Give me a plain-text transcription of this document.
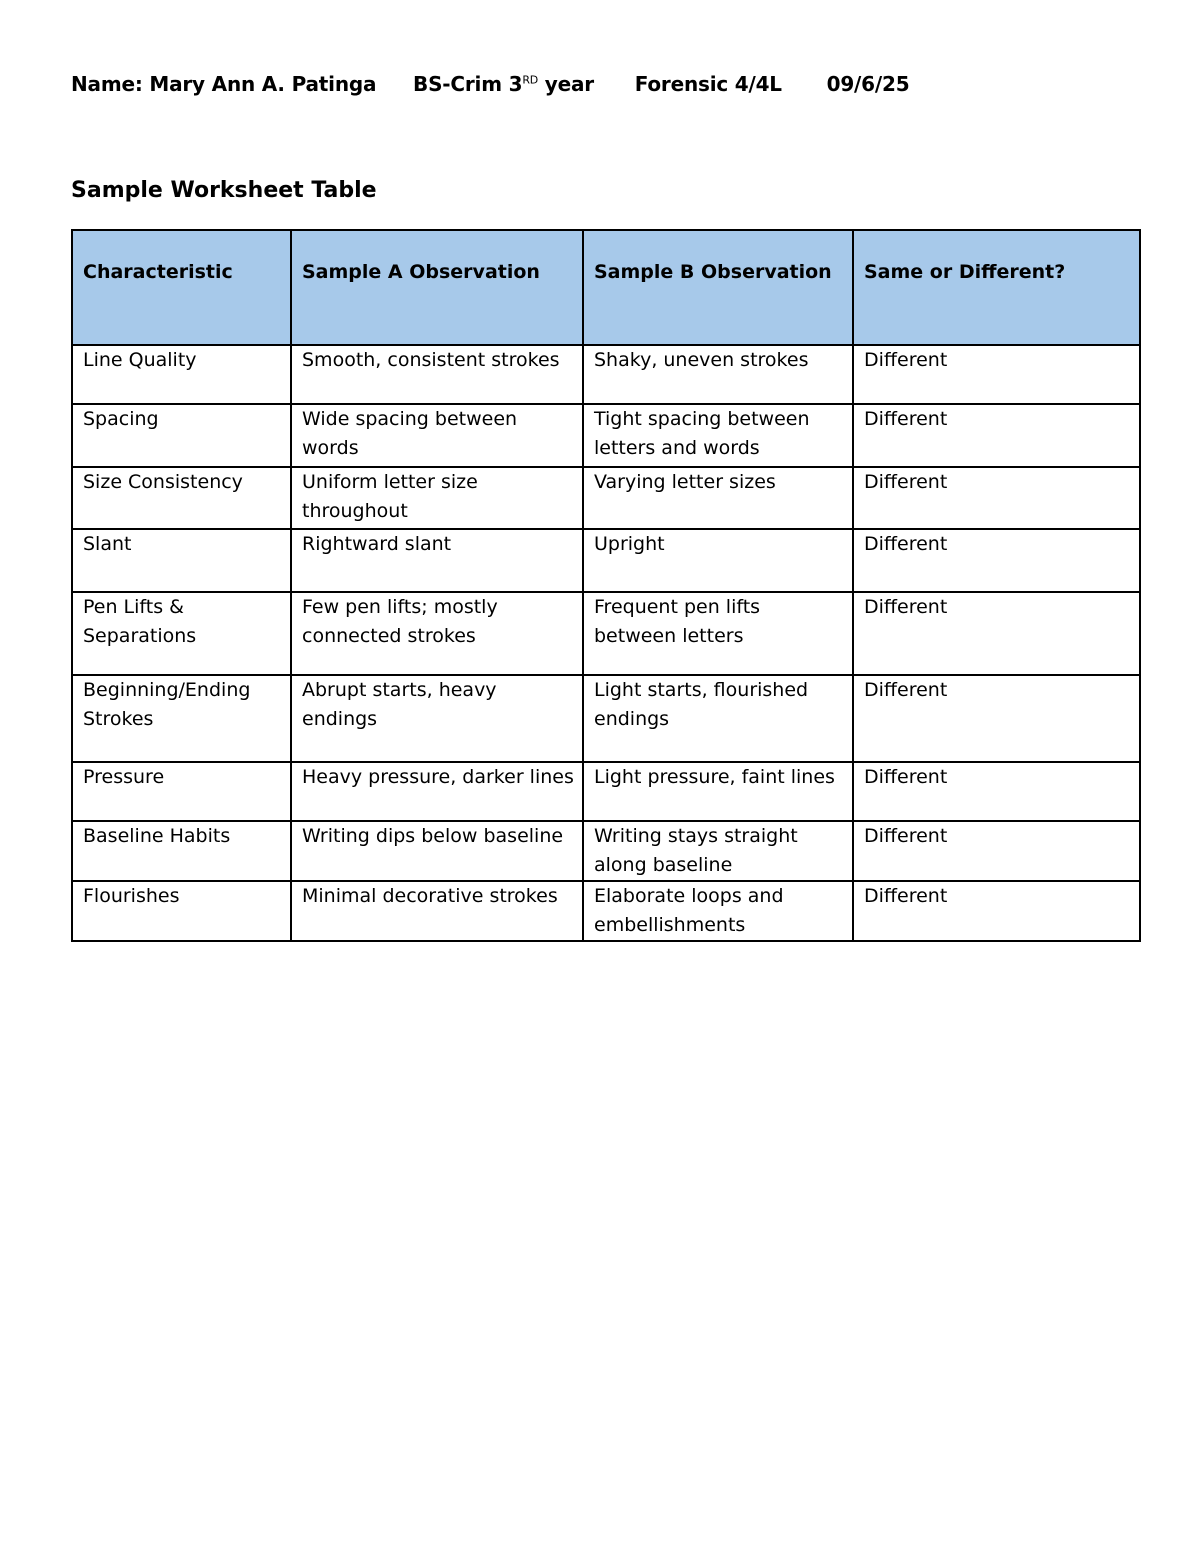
Name: Mary Ann A. Patinga BS-Crim 3RD year Forensic 4/4L 09/6/25
Sample Worksheet Table
Characteristic	Sample A Observation	Sample B Observation	Same or Different?
Line Quality	Smooth, consistent strokes	Shaky, uneven strokes	Different
Spacing	Wide spacing between words	Tight spacing between letters and words	Different
Size Consistency	Uniform letter size throughout	Varying letter sizes	Different
Slant	Rightward slant	Upright	Different
Pen Lifts & Separations	Few pen lifts; mostly connected strokes	Frequent pen lifts between letters	Different
Beginning/Ending Strokes	Abrupt starts, heavy endings	Light starts, flourished endings	Different
Pressure	Heavy pressure, darker lines	Light pressure, faint lines	Different
Baseline Habits	Writing dips below baseline	Writing stays straight along baseline	Different
Flourishes	Minimal decorative strokes	Elaborate loops and embellishments	Different
